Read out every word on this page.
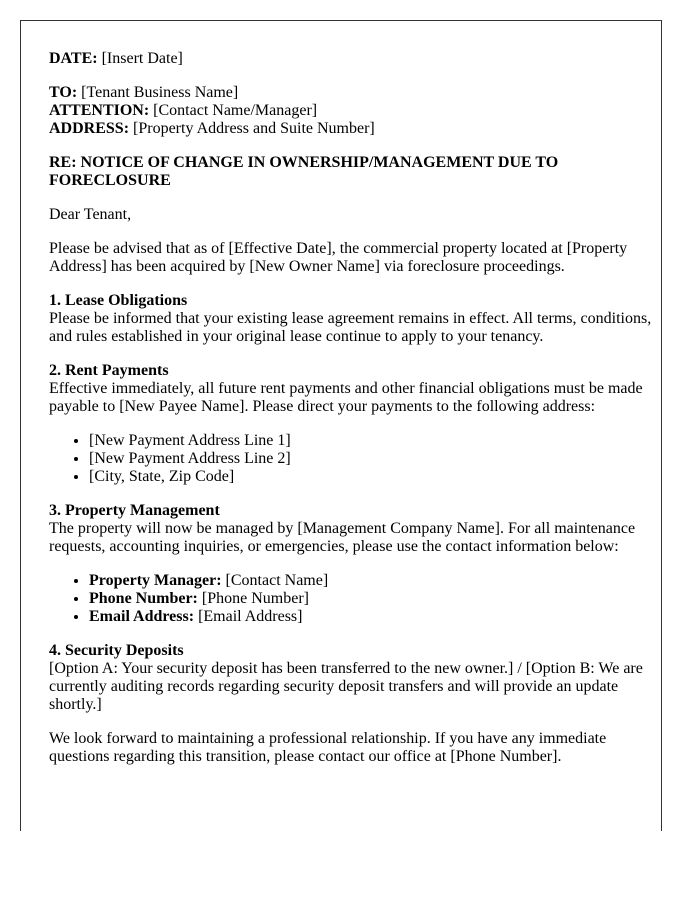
DATE: [Insert Date]

TO: [Tenant Business Name]
ATTENTION: [Contact Name/Manager]
ADDRESS: [Property Address and Suite Number]

RE: NOTICE OF CHANGE IN OWNERSHIP/MANAGEMENT DUE TO FORECLOSURE

Dear Tenant,

Please be advised that as of [Effective Date], the commercial property located at [Property Address] has been acquired by [New Owner Name] via foreclosure proceedings.

1. Lease Obligations
Please be informed that your existing lease agreement remains in effect. All terms, conditions, and rules established in your original lease continue to apply to your tenancy.

2. Rent Payments
Effective immediately, all future rent payments and other financial obligations must be made payable to [New Payee Name]. Please direct your payments to the following address:

• [New Payment Address Line 1]
• [New Payment Address Line 2]
• [City, State, Zip Code]

3. Property Management
The property will now be managed by [Management Company Name]. For all maintenance requests, accounting inquiries, or emergencies, please use the contact information below:

• Property Manager: [Contact Name]
• Phone Number: [Phone Number]
• Email Address: [Email Address]

4. Security Deposits
[Option A: Your security deposit has been transferred to the new owner.] / [Option B: We are currently auditing records regarding security deposit transfers and will provide an update shortly.]

We look forward to maintaining a professional relationship. If you have any immediate questions regarding this transition, please contact our office at [Phone Number].
